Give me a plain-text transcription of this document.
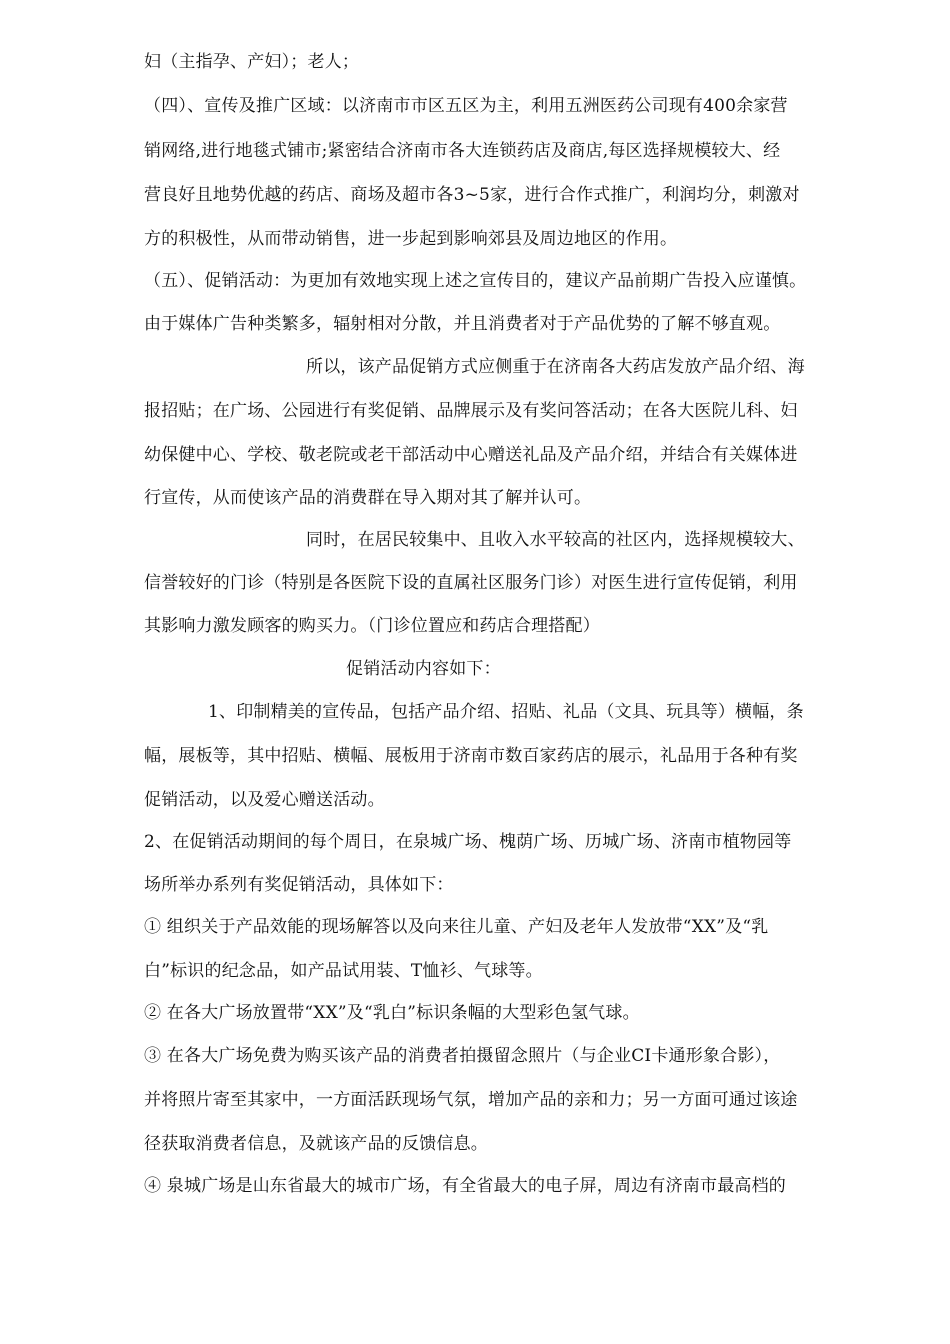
妇（主指孕、产妇）；老人；
（四）、宣传及推广区域：以济南市市区五区为主，利用五洲医药公司现有400余家营
销网络,进行地毯式铺市;紧密结合济南市各大连锁药店及商店,每区选择规模较大、经
营良好且地势优越的药店、商场及超市各3~5家，进行合作式推广，利润均分，刺激对
方的积极性，从而带动销售，进一步起到影响郊县及周边地区的作用。
（五）、促销活动：为更加有效地实现上述之宣传目的，建议产品前期广告投入应谨慎。
由于媒体广告种类繁多，辐射相对分散，并且消费者对于产品优势的了解不够直观。
所以，该产品促销方式应侧重于在济南各大药店发放产品介绍、海
报招贴；在广场、公园进行有奖促销、品牌展示及有奖问答活动；在各大医院儿科、妇
幼保健中心、学校、敬老院或老干部活动中心赠送礼品及产品介绍，并结合有关媒体进
行宣传，从而使该产品的消费群在导入期对其了解并认可。
同时，在居民较集中、且收入水平较高的社区内，选择规模较大、
信誉较好的门诊（特别是各医院下设的直属社区服务门诊）对医生进行宣传促销，利用
其影响力激发顾客的购买力。（门诊位置应和药店合理搭配）
促销活动内容如下：
1、印制精美的宣传品，包括产品介绍、招贴、礼品（文具、玩具等）横幅，条
幅，展板等，其中招贴、横幅、展板用于济南市数百家药店的展示，礼品用于各种有奖
促销活动，以及爱心赠送活动。
2、在促销活动期间的每个周日，在泉城广场、槐荫广场、历城广场、济南市植物园等
场所举办系列有奖促销活动，具体如下：
① 组织关于产品效能的现场解答以及向来往儿童、产妇及老年人发放带“XX”及“乳
白”标识的纪念品，如产品试用装、T恤衫、气球等。
② 在各大广场放置带“XX”及“乳白”标识条幅的大型彩色氢气球。
③ 在各大广场免费为购买该产品的消费者拍摄留念照片（与企业CI卡通形象合影），
并将照片寄至其家中，一方面活跃现场气氛，增加产品的亲和力；另一方面可通过该途
径获取消费者信息，及就该产品的反馈信息。
④ 泉城广场是山东省最大的城市广场，有全省最大的电子屏，周边有济南市最高档的
